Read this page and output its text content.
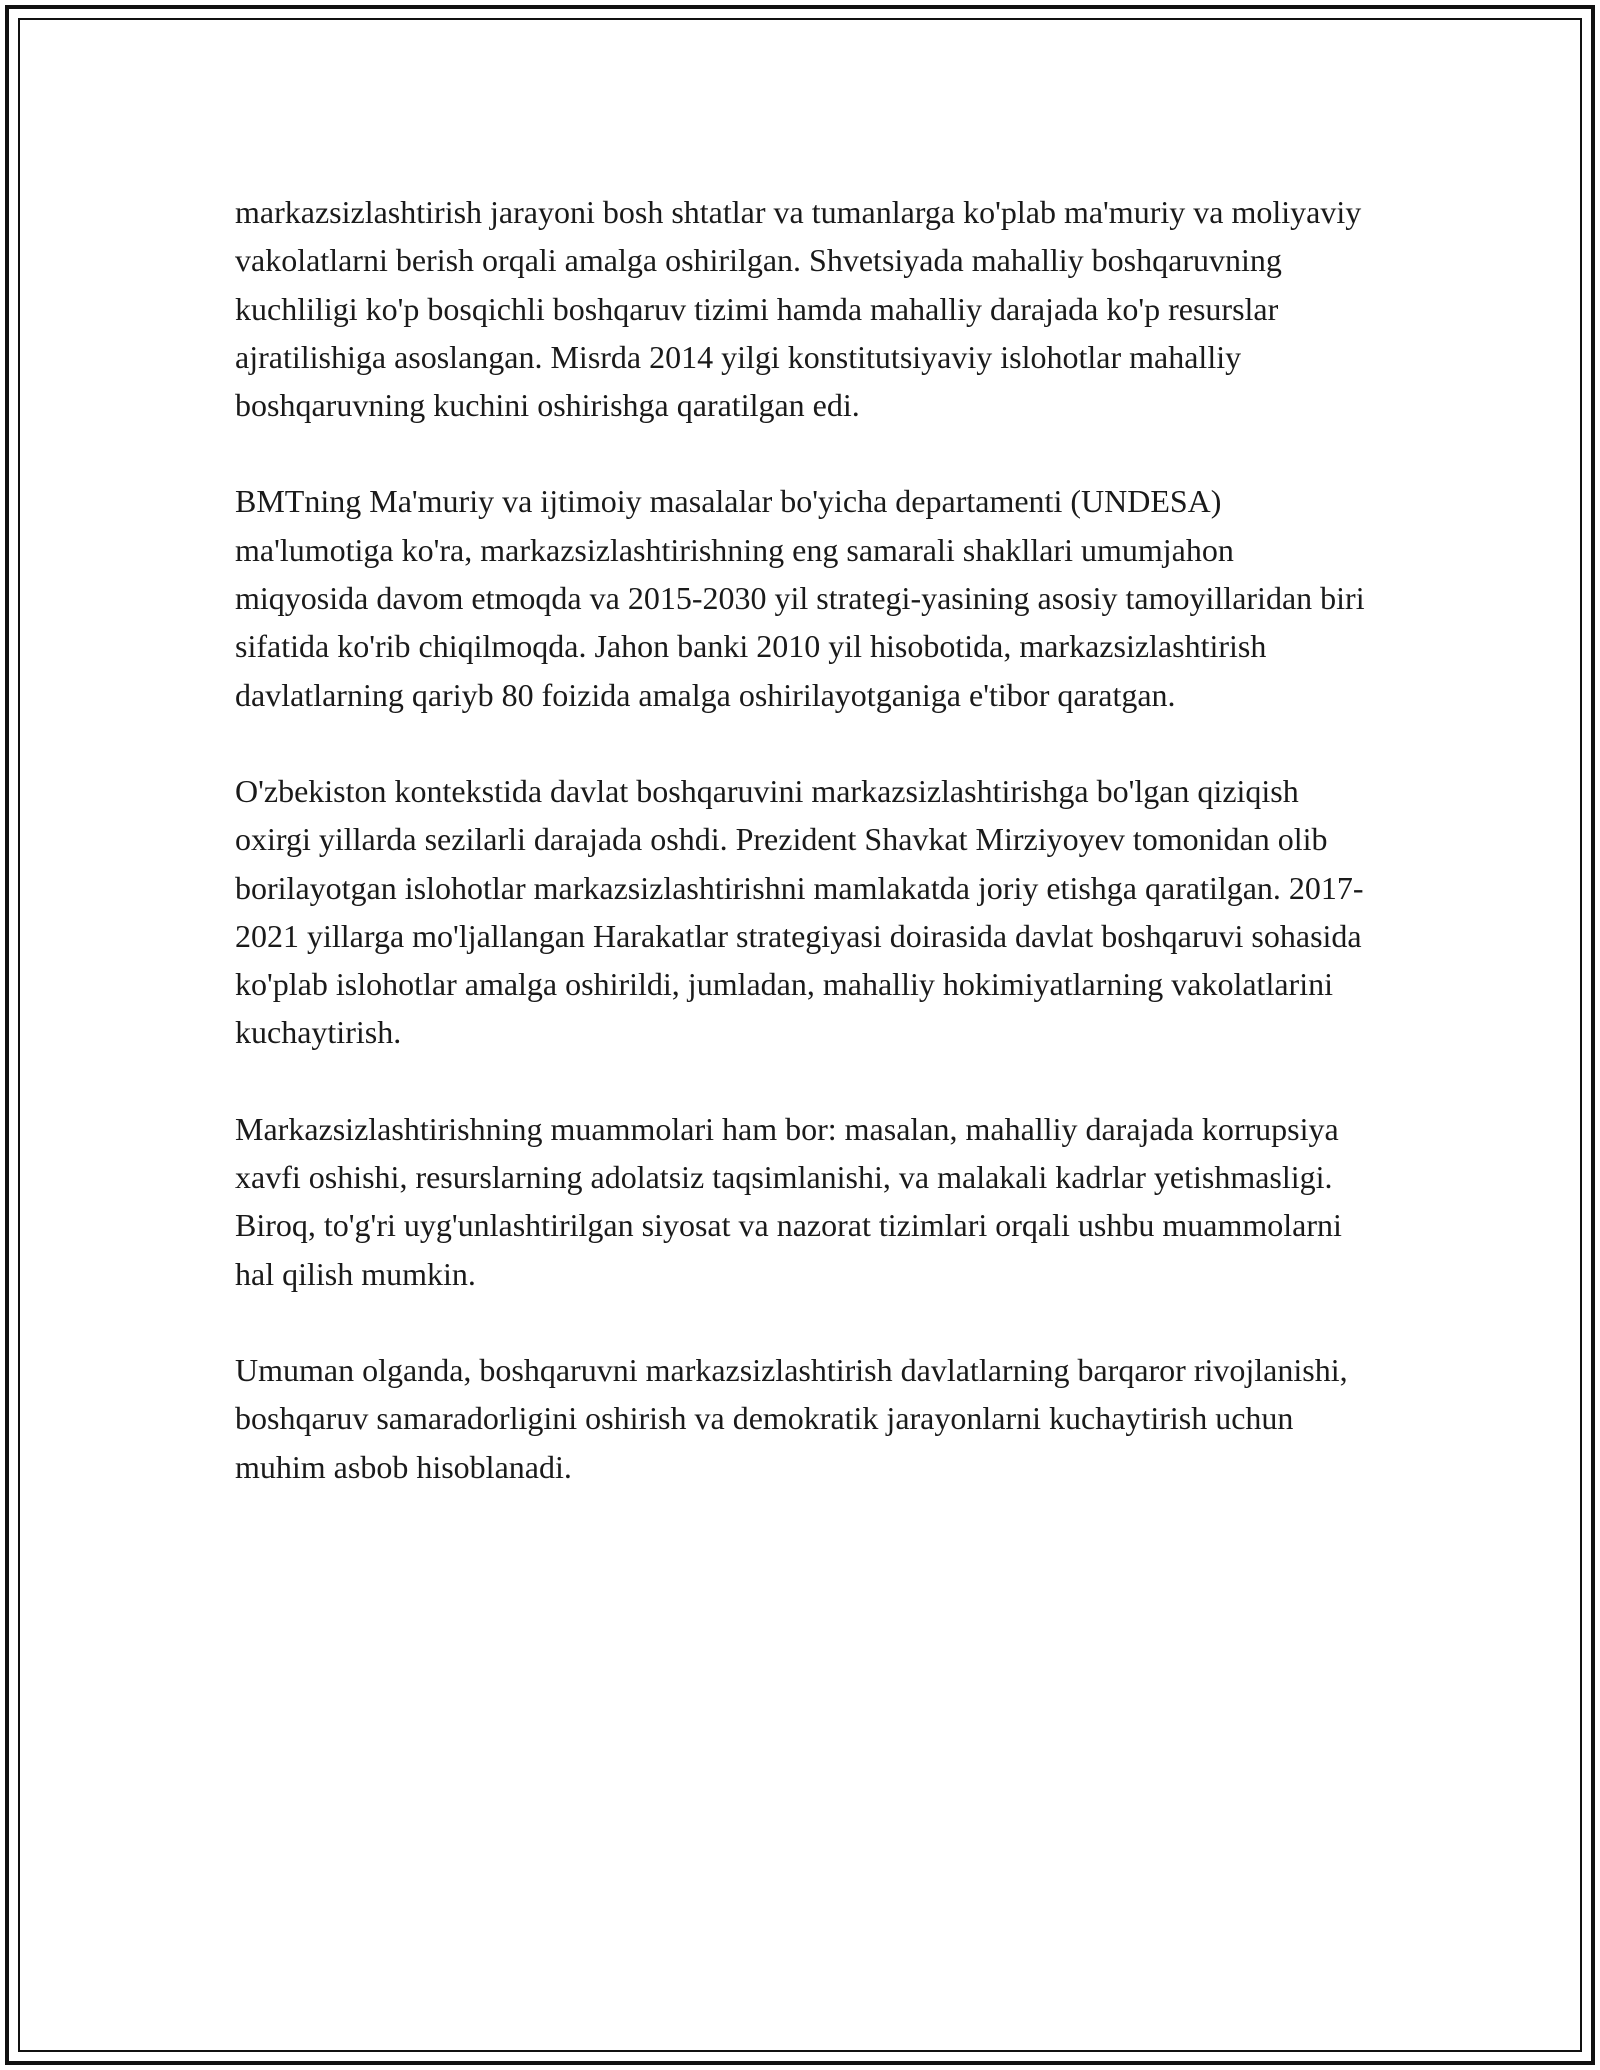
markazsizlashtirish jarayoni bosh shtatlar va tumanlarga ko'plab ma'muriy va moliyaviy vakolatlarni berish orqali amalga oshirilgan. Shvetsiyada mahalliy boshqaruvning kuchliligi ko'p bosqichli boshqaruv tizimi hamda mahalliy darajada ko'p resurslar ajratilishiga asoslangan. Misrda 2014 yilgi konstitutsiyaviy islohotlar mahalliy boshqaruvning kuchini oshirishga qaratilgan edi.

BMTning Ma'muriy va ijtimoiy masalalar bo'yicha departamenti (UNDESA) ma'lumotiga ko'ra, markazsizlashtirishning eng samarali shakllari umumjahon miqyosida davom etmoqda va 2015-2030 yil strategi-yasining asosiy tamoyillaridan biri sifatida ko'rib chiqilmoqda. Jahon banki 2010 yil hisobotida, markazsizlashtirish davlatlarning qariyb 80 foizida amalga oshirilayotganiga e'tibor qaratgan.

O'zbekiston kontekstida davlat boshqaruvini markazsizlashtirishga bo'lgan qiziqish oxirgi yillarda sezilarli darajada oshdi. Prezident Shavkat Mirziyoyev tomonidan olib borilayotgan islohotlar markazsizlashtirishni mamlakatda joriy etishga qaratilgan. 2017-2021 yillarga mo'ljallangan Harakatlar strategiyasi doirasida davlat boshqaruvi sohasida ko'plab islohotlar amalga oshirildi, jumladan, mahalliy hokimiyatlarning vakolatlarini kuchaytirish.

Markazsizlashtirishning muammolari ham bor: masalan, mahalliy darajada korrupsiya xavfi oshishi, resurslarning adolatsiz taqsimlanishi, va malakali kadrlar yetishmasligi. Biroq, to'g'ri uyg'unlashtirilgan siyosat va nazorat tizimlari orqali ushbu muammolarni hal qilish mumkin.

Umuman olganda, boshqaruvni markazsizlashtirish davlatlarning barqaror rivojlanishi, boshqaruv samaradorligini oshirish va demokratik jarayonlarni kuchaytirish uchun muhim asbob hisoblanadi.
